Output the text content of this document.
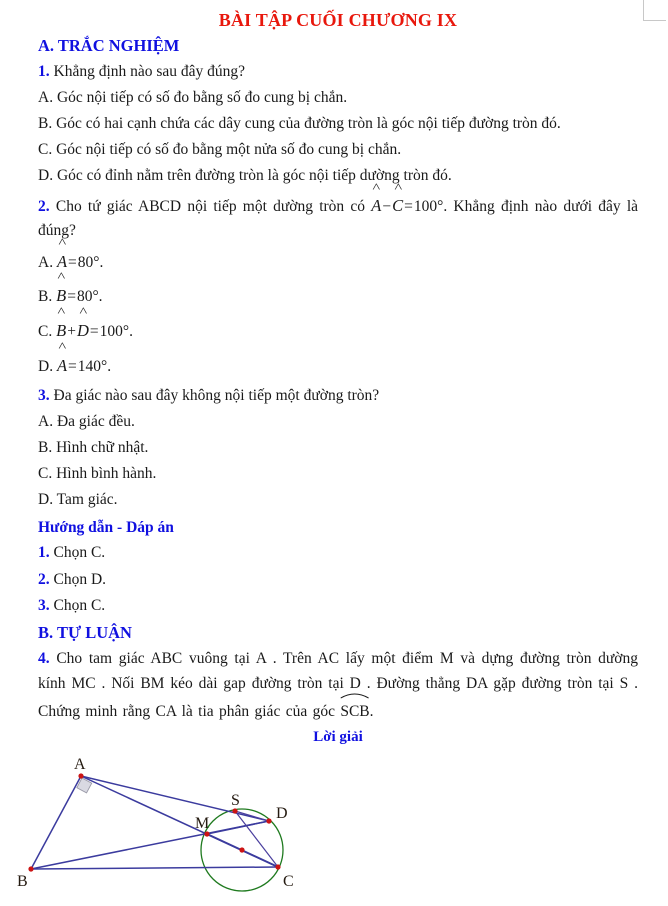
BÀI TẬP CUỐI CHƯƠNG IX
A. TRẮC NGHIỆM

1. Khẳng định nào sau đây đúng?

A. Góc nội tiếp có số đo bằng số đo cung bị chắn.

B. Góc có hai cạnh chứa các dây cung của đường tròn là góc nội tiếp đường tròn đó.

C. Góc nội tiếp có số đo bằng một nửa số đo cung bị chắn.

D. Góc có đỉnh nằm trên đường tròn là góc nội tiếp dường tròn đó.

2. Cho tứ giác ABCD nội tiếp một dường tròn có ^ A−^ C=100°. Khẳng định nào dưới đây là đúng?

A. ^ A=80°.

B. ^ B=80°.

C. ^ B+^ D=100°.

D. ^ A=140°.

3. Đa giác nào sau đây không nội tiếp một đường tròn?

A. Đa giác đều.

B. Hình chữ nhật.

C. Hình bình hành.

D. Tam giác.

Hướng dẫn - Dáp án

1. Chọn C.

2. Chọn D.

3. Chọn C.

B. TỰ LUẬN

4. Cho tam giác ABC vuông tại A . Trên AC lấy một điểm M và dựng đường tròn dường kính MC . Nối BM kéo dài gap đường tròn tại D . Đường thẳng DA gặp đường tròn tại S . Chứng minh rằng CA là tia phân giác của góc SCB.

Lời giải

A
B	C
D
M
S
